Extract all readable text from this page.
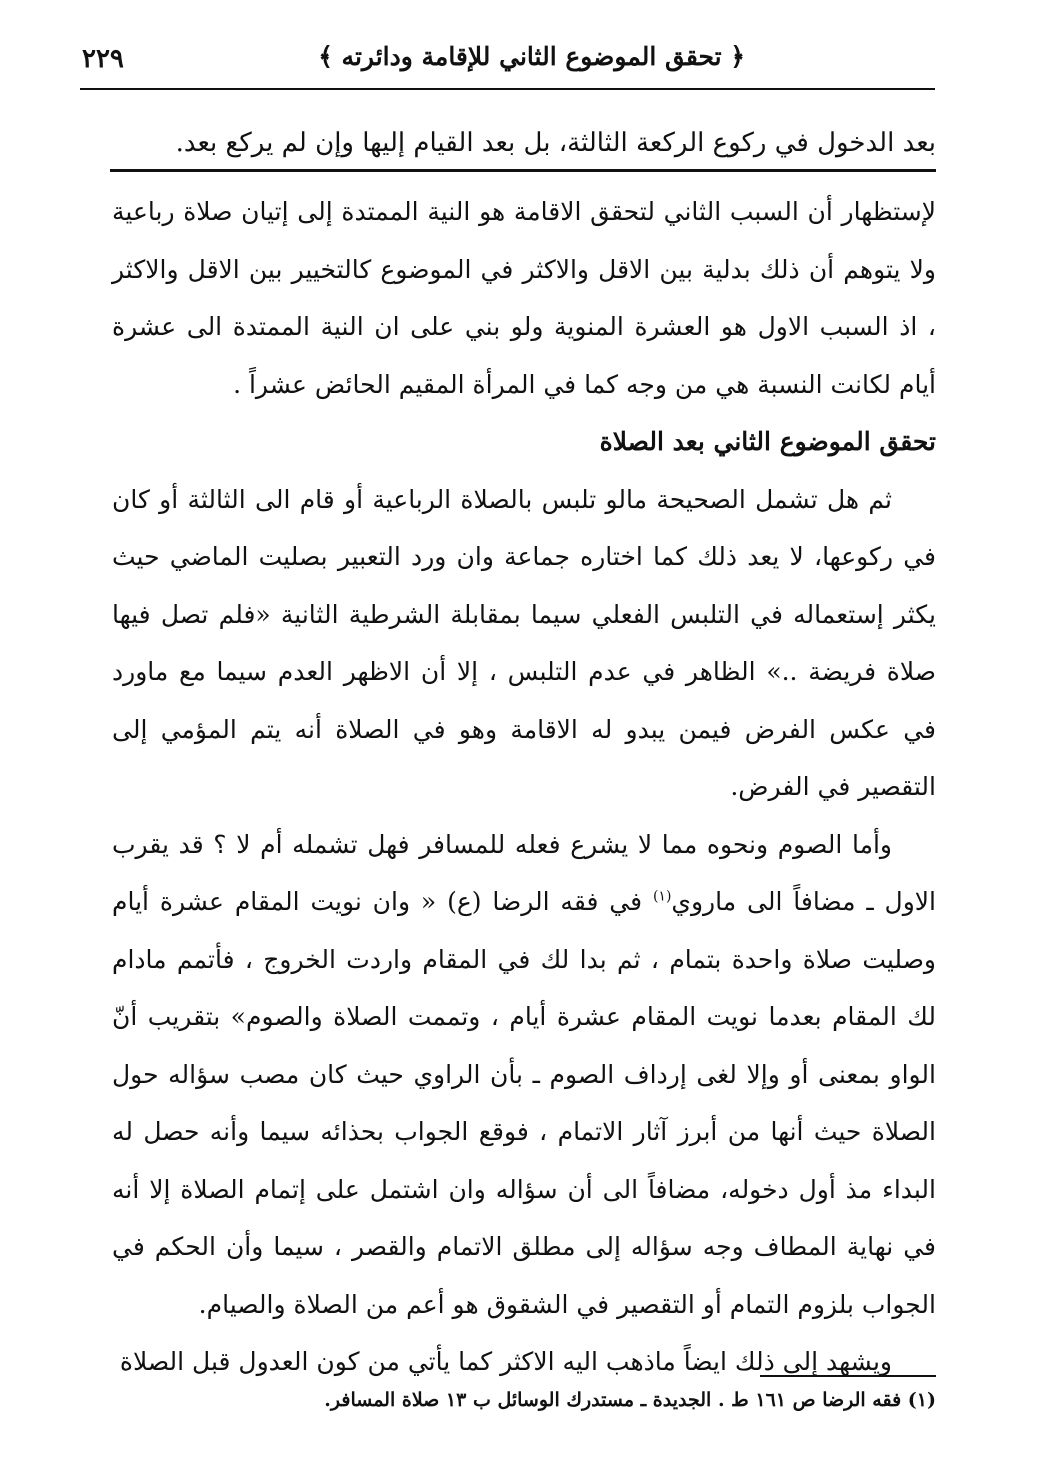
﴿ تحقق الموضوع الثاني للإقامة ودائرته ﴾
٢٢٩
بعد الدخول في ركوع الركعة الثالثة، بل بعد القيام إليها وإن لم يركع بعد.

لإستظهار أن السبب الثاني لتحقق الاقامة هو النية الممتدة إلى إتيان صلاة رباعية ولا يتوهم أن ذلك بدلية بين الاقل والاكثر في الموضوع كالتخيير بين الاقل والاكثر ، اذ السبب الاول هو العشرة المنوية ولو بني على ان النية الممتدة الى عشرة أيام لكانت النسبة هي من وجه كما في المرأة المقيم الحائض عشراً .

تحقق الموضوع الثاني بعد الصلاة

ثم هل تشمل الصحيحة مالو تلبس بالصلاة الرباعية أو قام الى الثالثة أو كان في ركوعها، لا يعد ذلك كما اختاره جماعة وان ورد التعبير بصليت الماضي حيث يكثر إستعماله في التلبس الفعلي سيما بمقابلة الشرطية الثانية «فلم تصل فيها صلاة فريضة ..» الظاهر في عدم التلبس ، إلا أن الاظهر العدم سيما مع ماورد في عكس الفرض فيمن يبدو له الاقامة وهو في الصلاة أنه يتم المؤمي إلى التقصير في الفرض.

وأما الصوم ونحوه مما لا يشرع فعله للمسافر فهل تشمله أم لا ؟ قد يقرب الاول ـ مضافاً الى ماروي$^{(١)}$ في فقه الرضا (ع) « وان نويت المقام عشرة أيام وصليت صلاة واحدة بتمام ، ثم بدا لك في المقام واردت الخروج ، فأتمم مادام لك المقام بعدما نويت المقام عشرة أيام ، وتممت الصلاة والصوم» بتقريب أنّ الواو بمعنى أو وإلا لغى إرداف الصوم ـ بأن الراوي حيث كان مصب سؤاله حول الصلاة حيث أنها من أبرز آثار الاتمام ، فوقع الجواب بحذائه سيما وأنه حصل له البداء مذ أول دخوله، مضافاً الى أن سؤاله وان اشتمل على إتمام الصلاة إلا أنه في نهاية المطاف وجه سؤاله إلى مطلق الاتمام والقصر ، سيما وأن الحكم في الجواب بلزوم التمام أو التقصير في الشقوق هو أعم من الصلاة والصيام.

ويشهد إلى ذلك ايضاً ماذهب اليه الاكثر كما يأتي من كون العدول قبل الصلاة

(١) فقه الرضا ص ١٦١ ط . الجديدة ـ مستدرك الوسائل ب ١٣ صلاة المسافر.
